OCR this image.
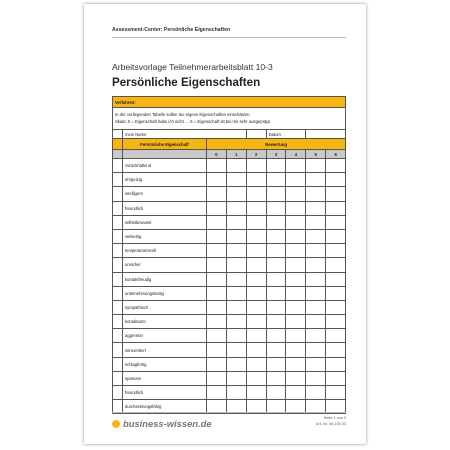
Assessment-Center: Persönliche Eigenschaften
Arbeitsvorlage Teilnehmerarbeitsblatt 10-3
Persönliche Eigenschaften
Verfahren:								

In der vorliegenden Tabelle sollen Sie eigene Eigenschaften einschätzen.
Skala: 0 = Eigenschaft habe ich nicht … 6 = Eigenschaft ist bei mir sehr ausgeprägt								

	mein Name				Datum			
	Persönliche Eigenschaft	Bewertung						
		0	1	2	3	4	5	6
	zurückhaltend							
	ehrgeizig							
	intelligent							
	freundlich							
	selbstbewusst							
	vielseitig							
	temperamentvoll							
	unsicher							
	kontaktfreudig							
	unternehmungslustig							
	sympathisch							
	kontaktarm							
	aggressiv							
	introvertiert							
	schlagfertig							
	sparsam							
	freundlich							
	durchsetzungsfähig							
business-wissen.de	Seite 1 von 2
Art.-Nr. 06.100.33
